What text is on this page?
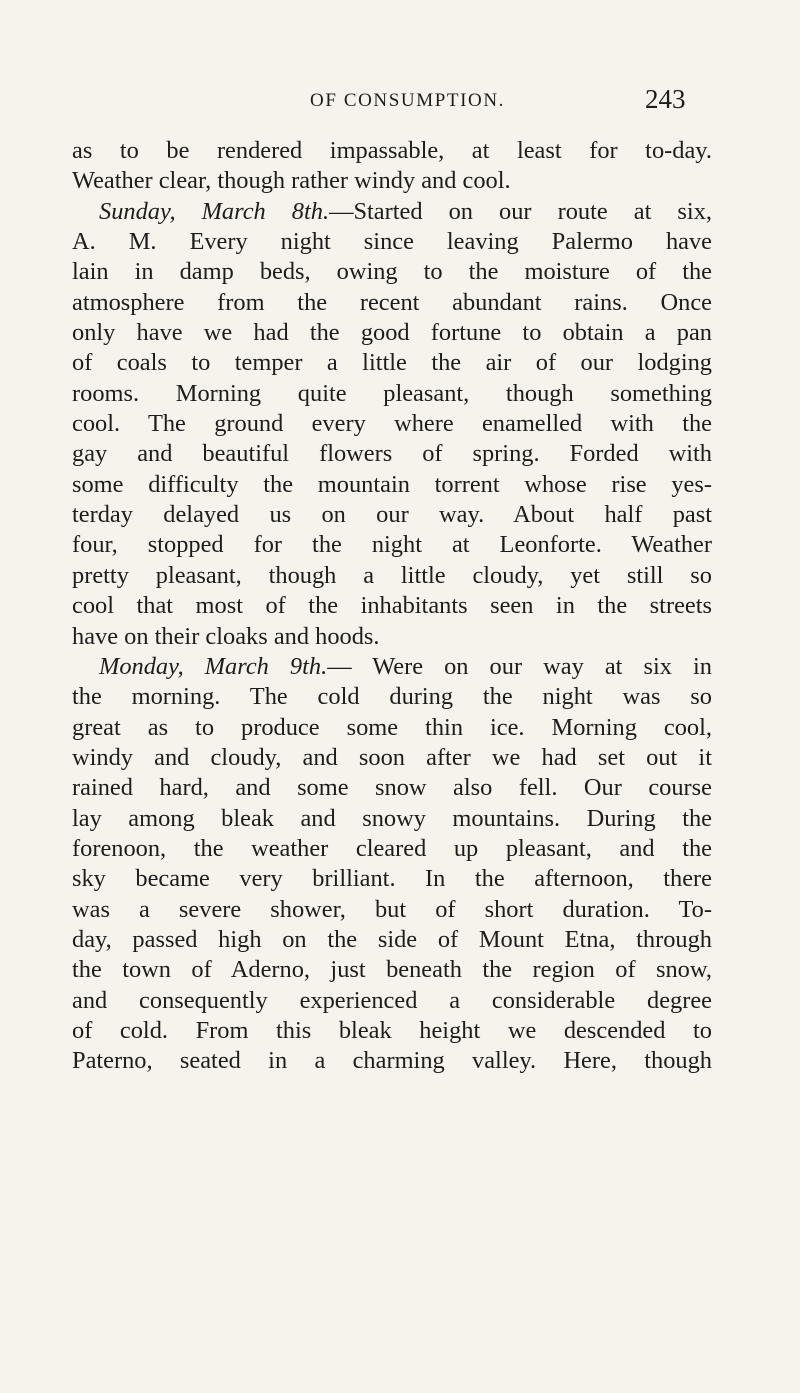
OF CONSUMPTION.	243
as to be rendered impassable, at least for to-day.
Weather clear, though rather windy and cool.
Sunday, March 8th.—Started on our route at six,
A. M. Every night since leaving Palermo have
lain in damp beds, owing to the moisture of the
atmosphere from the recent abundant rains. Once
only have we had the good fortune to obtain a pan
of coals to temper a little the air of our lodging
rooms. Morning quite pleasant, though something
cool. The ground every where enamelled with the
gay and beautiful flowers of spring. Forded with
some difficulty the mountain torrent whose rise yes-
terday delayed us on our way. About half past
four, stopped for the night at Leonforte. Weather
pretty pleasant, though a little cloudy, yet still so
cool that most of the inhabitants seen in the streets
have on their cloaks and hoods.
Monday, March 9th.— Were on our way at six in
the morning. The cold during the night was so
great as to produce some thin ice. Morning cool,
windy and cloudy, and soon after we had set out it
rained hard, and some snow also fell. Our course
lay among bleak and snowy mountains. During the
forenoon, the weather cleared up pleasant, and the
sky became very brilliant. In the afternoon, there
was a severe shower, but of short duration. To-
day, passed high on the side of Mount Etna, through
the town of Aderno, just beneath the region of snow,
and consequently experienced a considerable degree
of cold. From this bleak height we descended to
Paterno, seated in a charming valley. Here, though
